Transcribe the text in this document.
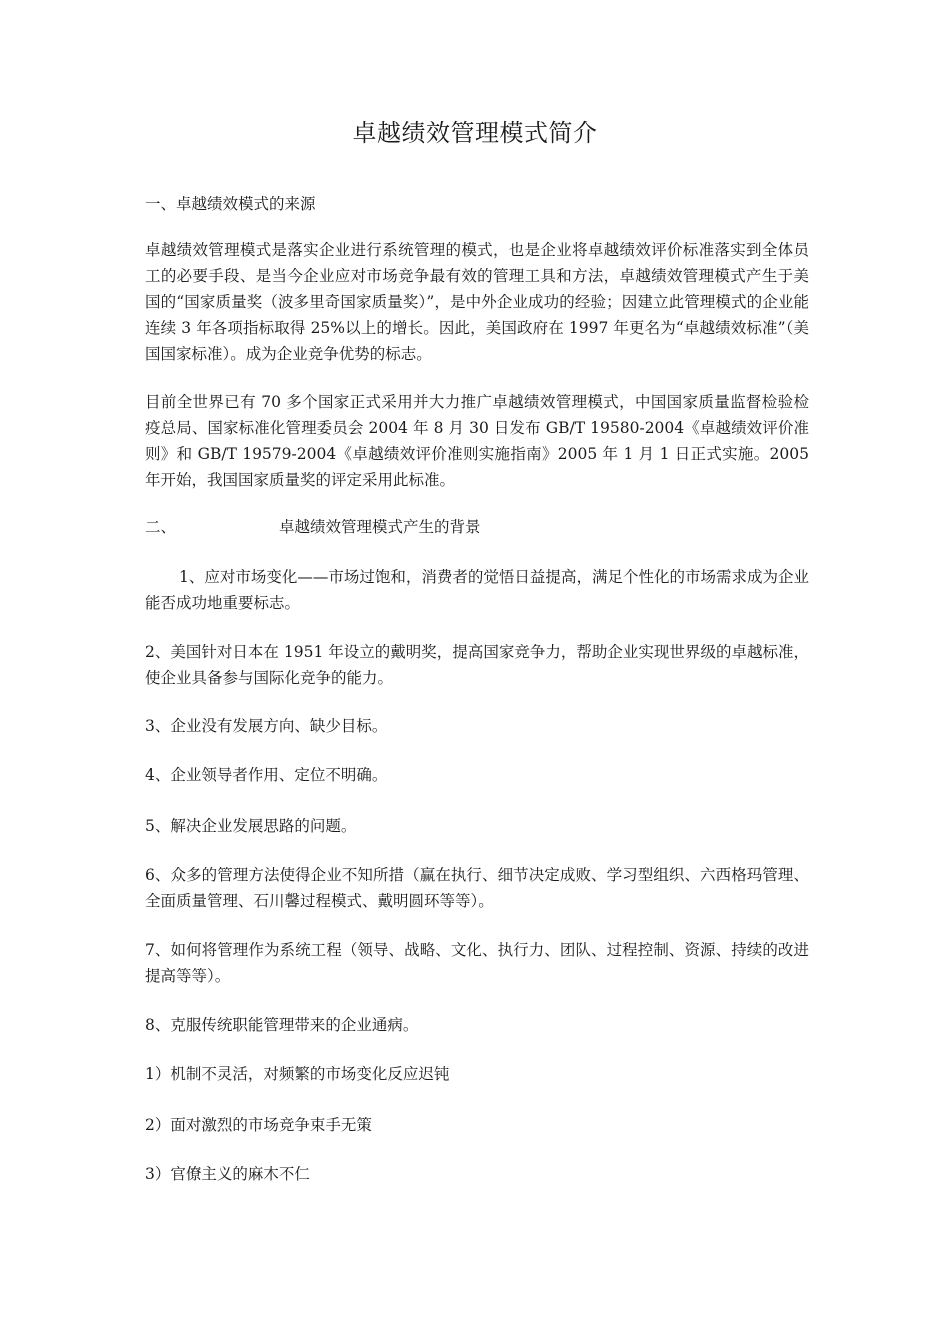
卓越绩效管理模式简介
一、卓越绩效模式的来源
卓越绩效管理模式是落实企业进行系统管理的模式，也是企业将卓越绩效评价标准落实到全体员工的必要手段、是当今企业应对市场竞争最有效的管理工具和方法，卓越绩效管理模式产生于美国的“国家质量奖（波多里奇国家质量奖）”，是中外企业成功的经验；因建立此管理模式的企业能连续 3 年各项指标取得 25%以上的增长。因此，美国政府在 1997 年更名为“卓越绩效标准”（美国国家标准）。成为企业竞争优势的标志。
目前全世界已有 70 多个国家正式采用并大力推广卓越绩效管理模式，中国国家质量监督检验检疫总局、国家标准化管理委员会 2004 年 8 月 30 日发布 GB/T 19580-2004《卓越绩效评价准则》和 GB/T 19579-2004《卓越绩效评价准则实施指南》2005 年 1 月 1 日正式实施。2005 年开始，我国国家质量奖的评定采用此标准。
二、	卓越绩效管理模式产生的背景
1、应对市场变化——市场过饱和，消费者的觉悟日益提高，满足个性化的市场需求成为企业能否成功地重要标志。
2、美国针对日本在 1951 年设立的戴明奖，提高国家竞争力，帮助企业实现世界级的卓越标准，使企业具备参与国际化竞争的能力。
3、企业没有发展方向、缺少目标。
4、企业领导者作用、定位不明确。
5、解决企业发展思路的问题。
6、众多的管理方法使得企业不知所措（赢在执行、细节决定成败、学习型组织、六西格玛管理、全面质量管理、石川馨过程模式、戴明圆环等等）。
7、如何将管理作为系统工程（领导、战略、文化、执行力、团队、过程控制、资源、持续的改进提高等等）。
8、克服传统职能管理带来的企业通病。
1）机制不灵活，对频繁的市场变化反应迟钝
2）面对激烈的市场竞争束手无策
3）官僚主义的麻木不仁
